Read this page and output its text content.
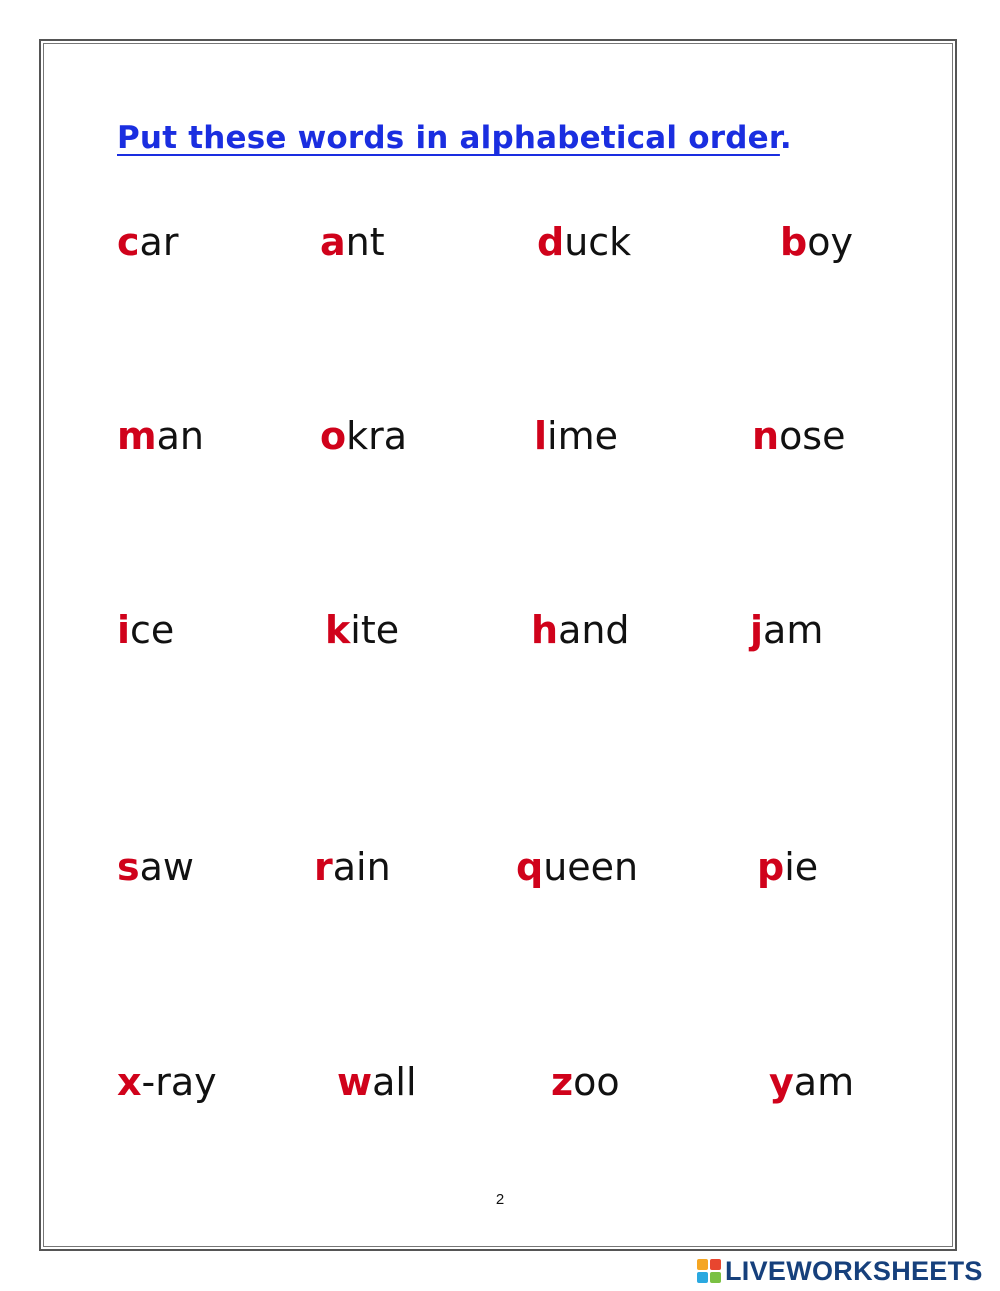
Put these words in alphabetical order.
car	ant	duck	boy
man	okra	lime	nose
ice	kite	hand	jam
saw	rain	queen	pie
x-ray	wall	zoo	yam
2
LIVEWORKSHEETS
